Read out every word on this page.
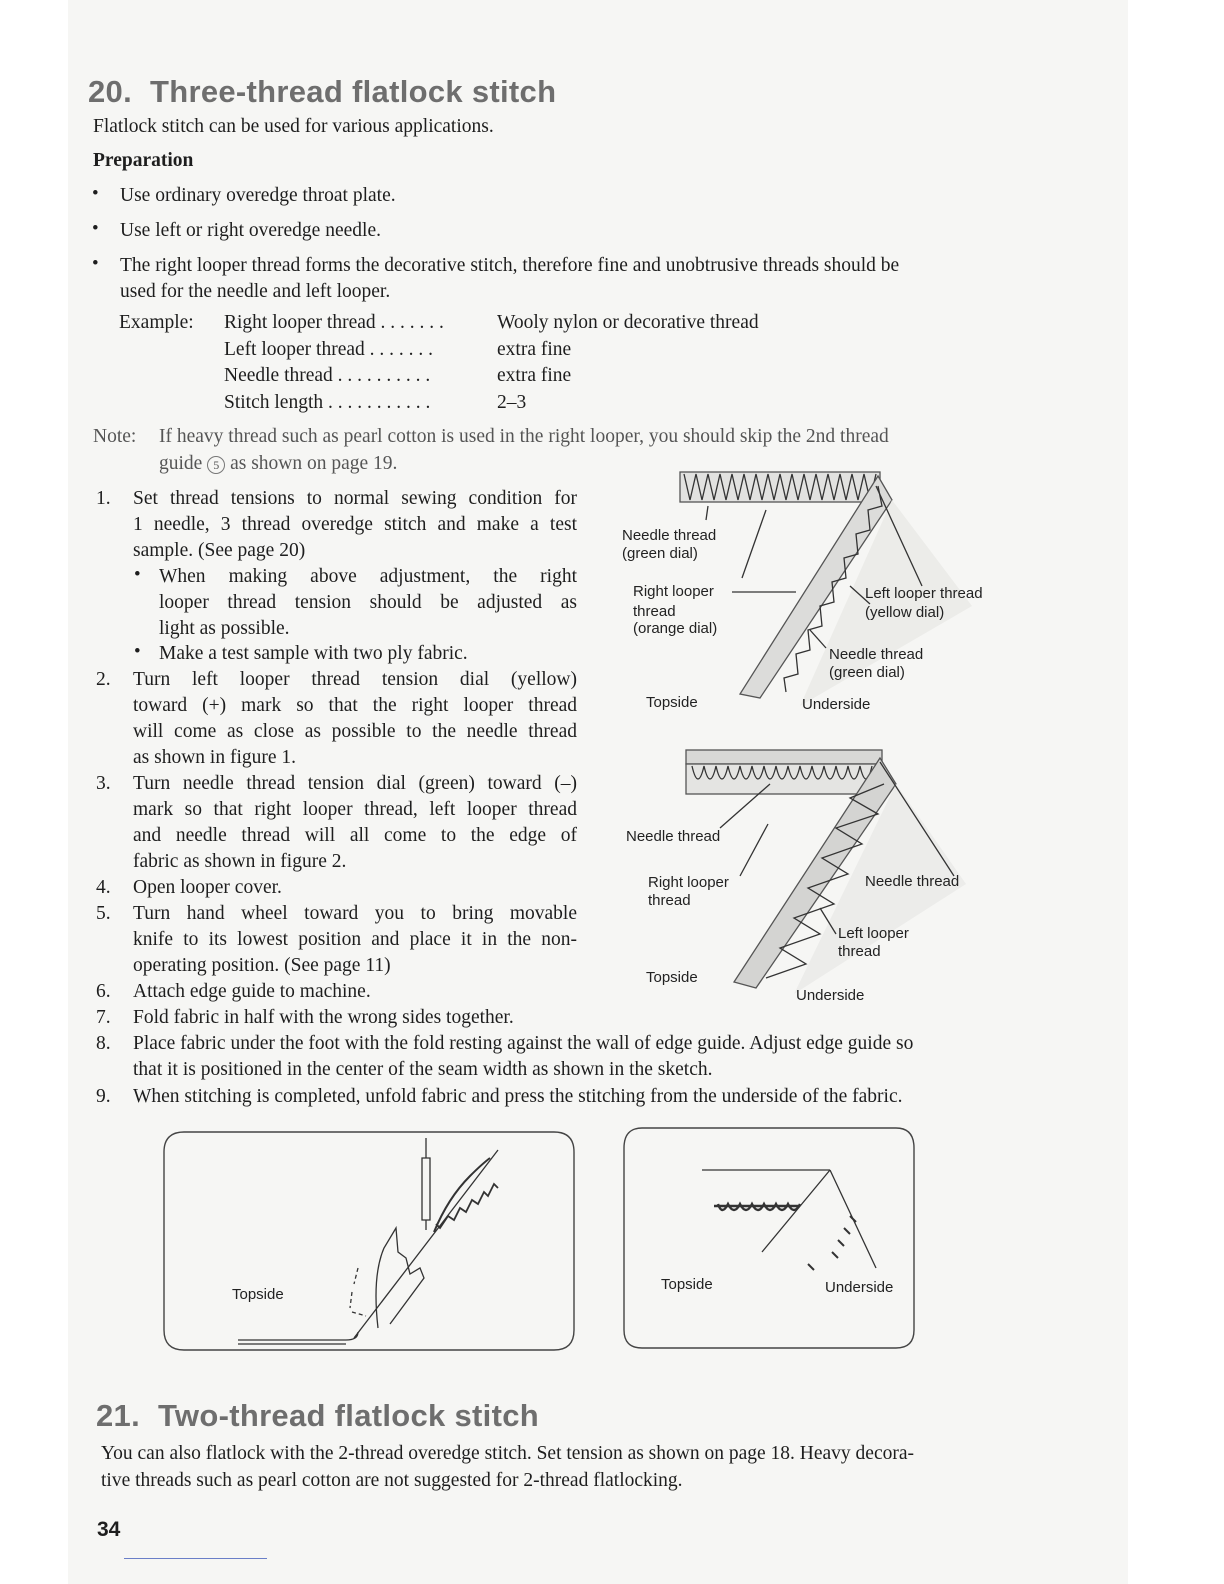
20. Three-thread flatlock stitch
Flatlock stitch can be used for various applications.
Preparation
• Use ordinary overedge throat plate.
• Use left or right overedge needle.
• The right looper thread forms the decorative stitch, therefore fine and unobtrusive threads should be
used for the needle and left looper.
Example: Right looper thread . . . . . . .	Wooly nylon or decorative thread
Left looper thread . . . . . . .	extra fine
Needle thread . . . . . . . . . .	extra fine
Stitch length . . . . . . . . . . .	2–3
Note: If heavy thread such as pearl cotton is used in the right looper, you should skip the 2nd thread
guide 5 as shown on page 19.
1. Set thread tensions to normal sewing condition for
1 needle, 3 thread overedge stitch and make a test
sample. (See page 20)
• When making above adjustment, the right
looper thread tension should be adjusted as
light as possible.
• Make a test sample with two ply fabric.
2. Turn left looper thread tension dial (yellow)
toward (+) mark so that the right looper thread
will come as close as possible to the needle thread
as shown in figure 1.
3. Turn needle thread tension dial (green) toward (–)
mark so that right looper thread, left looper thread
and needle thread will all come to the edge of
fabric as shown in figure 2.
4. Open looper cover.
5. Turn hand wheel toward you to bring movable
knife to its lowest position and place it in the non-
operating position. (See page 11)
6. Attach edge guide to machine.
7. Fold fabric in half with the wrong sides together.
8. Place fabric under the foot with the fold resting against the wall of edge guide. Adjust edge guide so
that it is positioned in the center of the seam width as shown in the sketch.
9. When stitching is completed, unfold fabric and press the stitching from the underside of the fabric.
Needle thread
(green dial)
Right looper
thread
(orange dial)
Left looper thread
(yellow dial)
Needle thread
(green dial)
Topside	Underside
Needle thread
Right looper
thread
Needle thread
Left looper
thread
Topside
Underside
Topside
Topside	Underside
21. Two-thread flatlock stitch
You can also flatlock with the 2-thread overedge stitch. Set tension as shown on page 18. Heavy decora-
tive threads such as pearl cotton are not suggested for 2-thread flatlocking.
34
